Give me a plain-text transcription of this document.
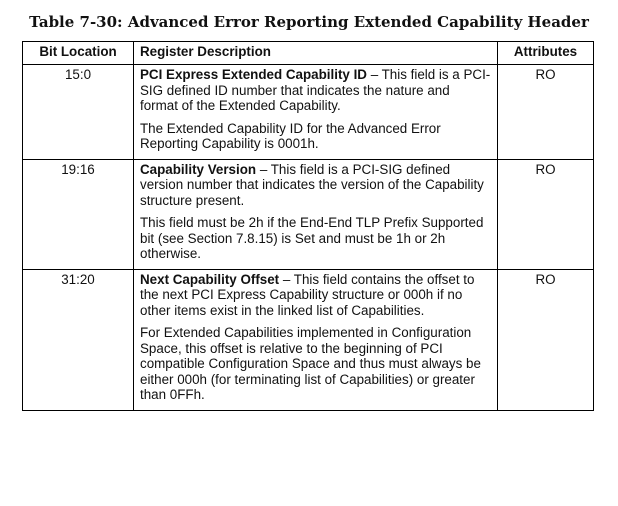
Table 7-30: Advanced Error Reporting Extended Capability Header
Bit Location	Register Description	Attributes
15:0	PCI Express Extended Capability ID – This field is a PCI-SIG defined ID number that indicates the nature and format of the Extended Capability.

The Extended Capability ID for the Advanced Error Reporting Capability is 0001h.	RO
19:16	Capability Version – This field is a PCI-SIG defined version number that indicates the version of the Capability structure present.

This field must be 2h if the End-End TLP Prefix Supported bit (see Section 7.8.15) is Set and must be 1h or 2h otherwise.	RO
31:20	Next Capability Offset – This field contains the offset to the next PCI Express Capability structure or 000h if no other items exist in the linked list of Capabilities.

For Extended Capabilities implemented in Configuration Space, this offset is relative to the beginning of PCI compatible Configuration Space and thus must always be either 000h (for terminating list of Capabilities) or greater than 0FFh.	RO
